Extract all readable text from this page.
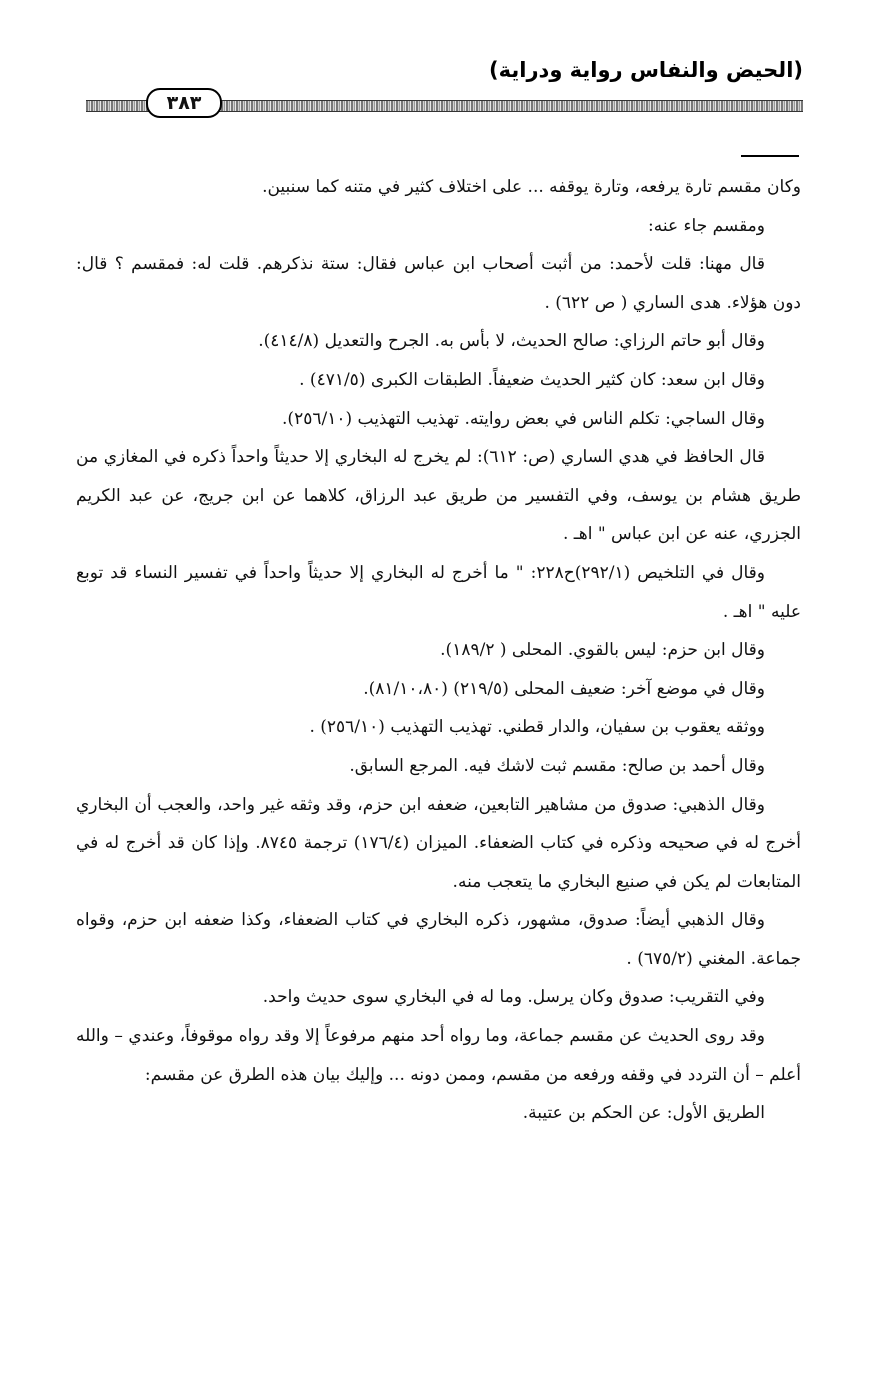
(الحيض والنفاس رواية ودراية)
٣٨٣

وكان مقسم تارة يرفعه، وتارة يوقفه ... على اختلاف كثير في متنه كما سنبين.

ومقسم جاء عنه:

قال مهنا: قلت لأحمد: من أثبت أصحاب ابن عباس فقال: ستة نذكرهم. قلت له: فمقسم ؟ قال: دون هؤلاء. هدى الساري ( ص ٦٢٢) .

وقال أبو حاتم الرزاي: صالح الحديث، لا بأس به. الجرح والتعديل (٤١٤/٨).

وقال ابن سعد: كان كثير الحديث ضعيفاً. الطبقات الكبرى (٤٧١/٥) .

وقال الساجي: تكلم الناس في بعض روايته. تهذيب التهذيب (٢٥٦/١٠).

قال الحافظ في هدي الساري (ص: ٦١٢): لم يخرج له البخاري إلا حديثاً واحداً ذكره في المغازي من طريق هشام بن يوسف، وفي التفسير من طريق عبد الرزاق، كلاهما عن ابن جريج، عن عبد الكريم الجزري، عنه عن ابن عباس " اهـ .

وقال في التلخيص (٢٩٢/١)ح٢٢٨: " ما أخرج له البخاري إلا حديثاً واحداً في تفسير النساء قد توبع عليه " اهـ .

وقال ابن حزم: ليس بالقوي. المحلى ( ١٨٩/٢).

وقال في موضع آخر: ضعيف المحلى (٢١٩/٥) (٨١/١٠،٨٠).

ووثقه يعقوب بن سفيان، والدار قطني. تهذيب التهذيب (٢٥٦/١٠) .

وقال أحمد بن صالح: مقسم ثبت لاشك فيه. المرجع السابق.

وقال الذهبي: صدوق من مشاهير التابعين، ضعفه ابن حزم، وقد وثقه غير واحد، والعجب أن البخاري أخرج له في صحيحه وذكره في كتاب الضعفاء. الميزان (١٧٦/٤) ترجمة ٨٧٤٥. وإذا كان قد أخرج له في المتابعات لم يكن في صنيع البخاري ما يتعجب منه.

وقال الذهبي أيضاً: صدوق، مشهور، ذكره البخاري في كتاب الضعفاء، وكذا ضعفه ابن حزم، وقواه جماعة. المغني (٦٧٥/٢) .

وفي التقريب: صدوق وكان يرسل. وما له في البخاري سوى حديث واحد.

وقد روى الحديث عن مقسم جماعة، وما رواه أحد منهم مرفوعاً إلا وقد رواه موقوفاً، وعندي – والله أعلم – أن التردد في وقفه ورفعه من مقسم، وممن دونه ... وإليك بيان هذه الطرق عن مقسم:

الطريق الأول: عن الحكم بن عتيبة.
